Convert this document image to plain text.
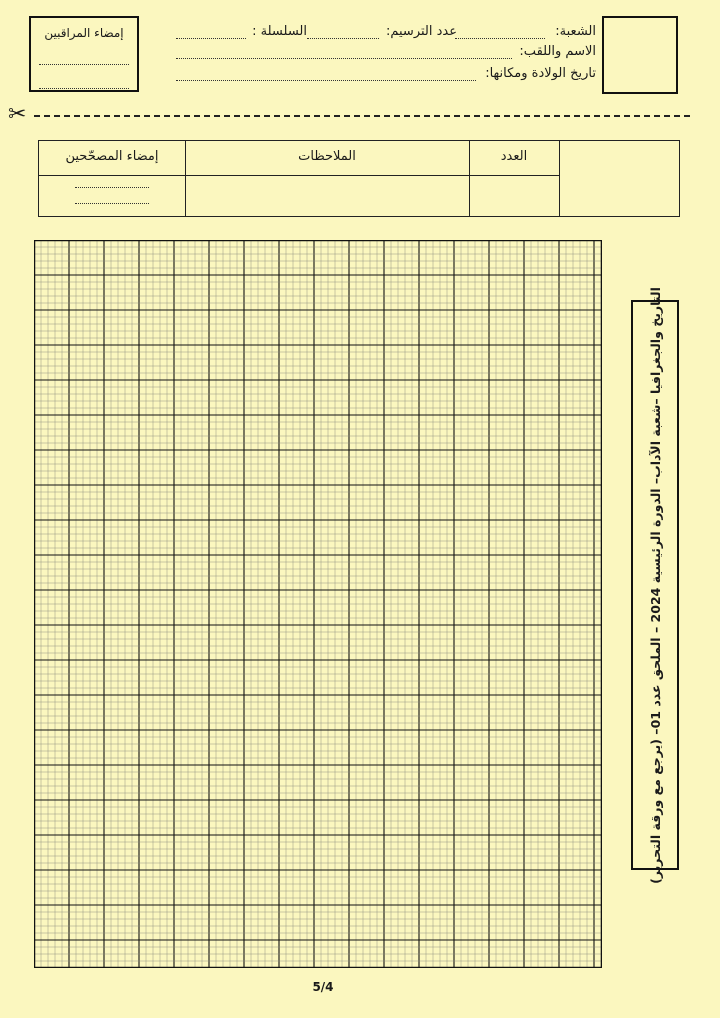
إمضاء المراقبين	الشعبة:
عدد الترسيم:
السلسلة :
الاسم واللقب:
تاريخ الولادة ومكانها:
✂
إمضاء المصحّحين	الملاحظات	العدد
التاريخ والجغرافيا –شعبة الآداب– الدورة الرئيسية 2024 – الملحق عدد 01– (يرجع مع ورقة التحرير)
5/4
